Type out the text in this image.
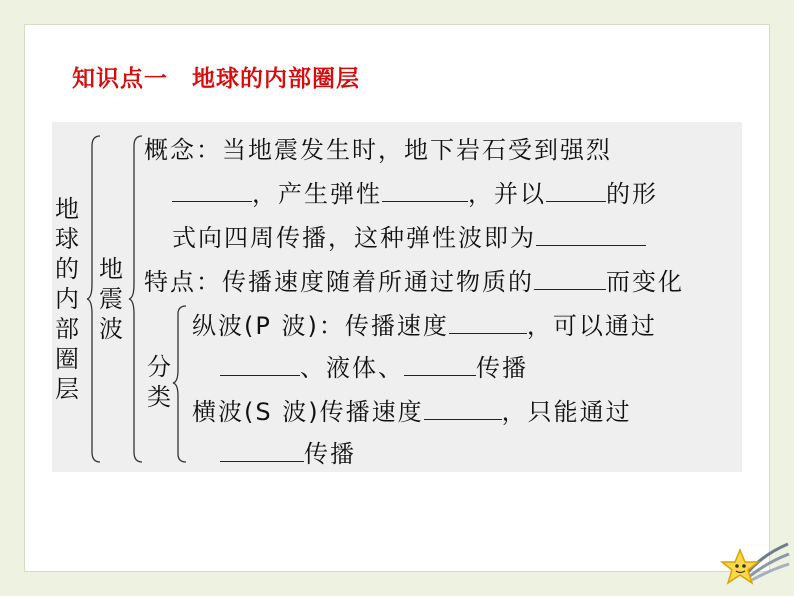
知识点一　地球的内部圈层
地球的内部圈层
地震波
概念：当地震发生时，地下岩石受到强烈
，产生弹性	，并以	的形
式向四周传播，这种弹性波即为
特点：传播速度随着所通过物质的	而变化
分类
纵波(P 波)：传播速度	，可以通过
、液体、	传播
横波(S 波)传播速度	，只能通过
传播
